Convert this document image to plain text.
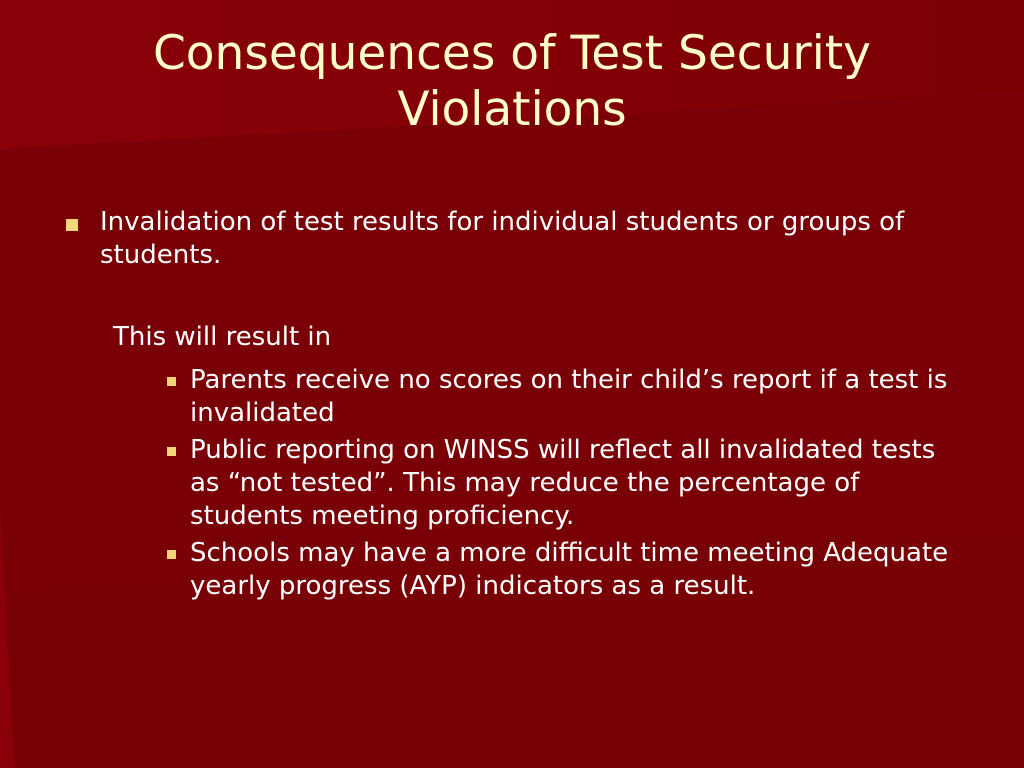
Consequences of Test Security
Violations
Invalidation of test results for individual students or groups of students.
This will result in
Parents receive no scores on their child’s report if a test is invalidated
Public reporting on WINSS will reflect all invalidated tests as “not tested”. This may reduce the percentage of students meeting proficiency.
Schools may have a more difficult time meeting Adequate yearly progress (AYP) indicators as a result.
